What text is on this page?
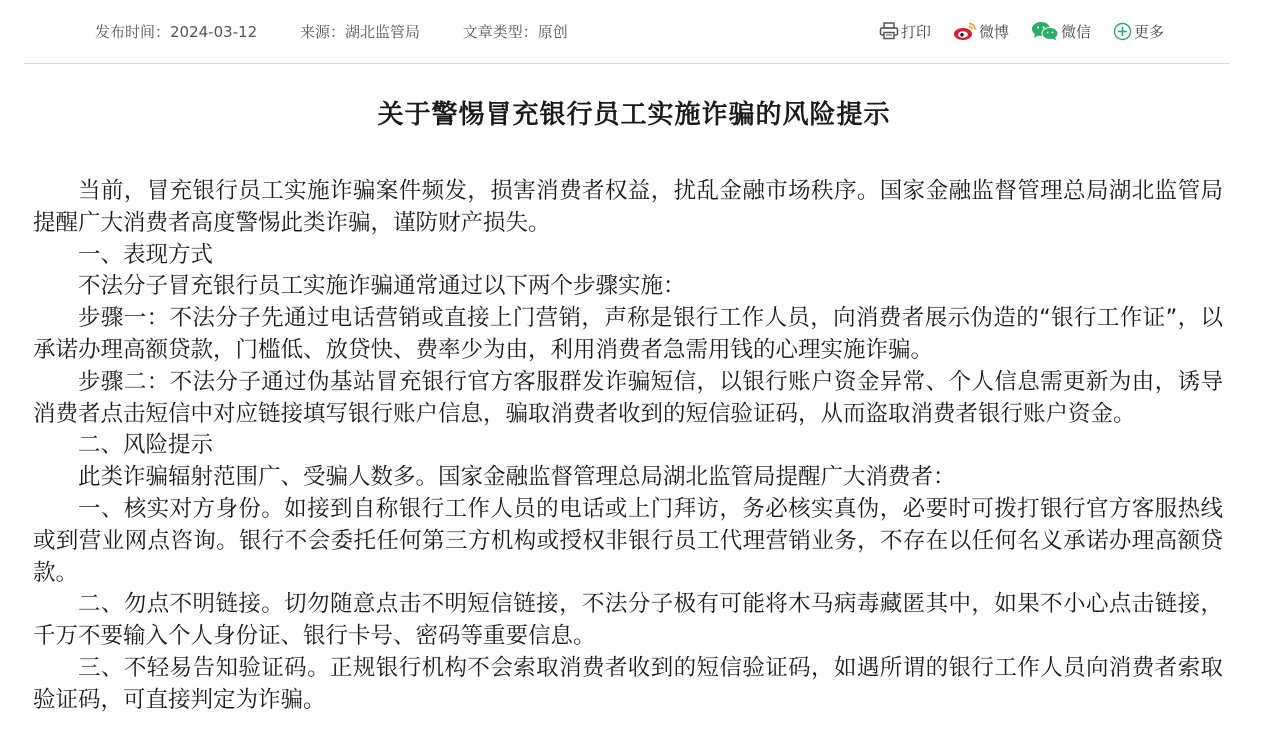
发布时间：2024-03-12	来源：湖北监管局	文章类型：原创	打印	微博	微信	更多
关于警惕冒充银行员工实施诈骗的风险提示

当前，冒充银行员工实施诈骗案件频发，损害消费者权益，扰乱金融市场秩序。国家金融监督管理总局湖北监管局提醒广大消费者高度警惕此类诈骗，谨防财产损失。

一、表现方式

不法分子冒充银行员工实施诈骗通常通过以下两个步骤实施：

步骤一：不法分子先通过电话营销或直接上门营销，声称是银行工作人员，向消费者展示伪造的“银行工作证”，以承诺办理高额贷款，门槛低、放贷快、费率少为由，利用消费者急需用钱的心理实施诈骗。

步骤二：不法分子通过伪基站冒充银行官方客服群发诈骗短信，以银行账户资金异常、个人信息需更新为由，诱导消费者点击短信中对应链接填写银行账户信息，骗取消费者收到的短信验证码，从而盗取消费者银行账户资金。

二、风险提示

此类诈骗辐射范围广、受骗人数多。国家金融监督管理总局湖北监管局提醒广大消费者：

一、核实对方身份。如接到自称银行工作人员的电话或上门拜访，务必核实真伪，必要时可拨打银行官方客服热线或到营业网点咨询。银行不会委托任何第三方机构或授权非银行员工代理营销业务，不存在以任何名义承诺办理高额贷款。

二、勿点不明链接。切勿随意点击不明短信链接，不法分子极有可能将木马病毒藏匿其中，如果不小心点击链接，千万不要输入个人身份证、银行卡号、密码等重要信息。

三、不轻易告知验证码。正规银行机构不会索取消费者收到的短信验证码，如遇所谓的银行工作人员向消费者索取验证码，可直接判定为诈骗。
